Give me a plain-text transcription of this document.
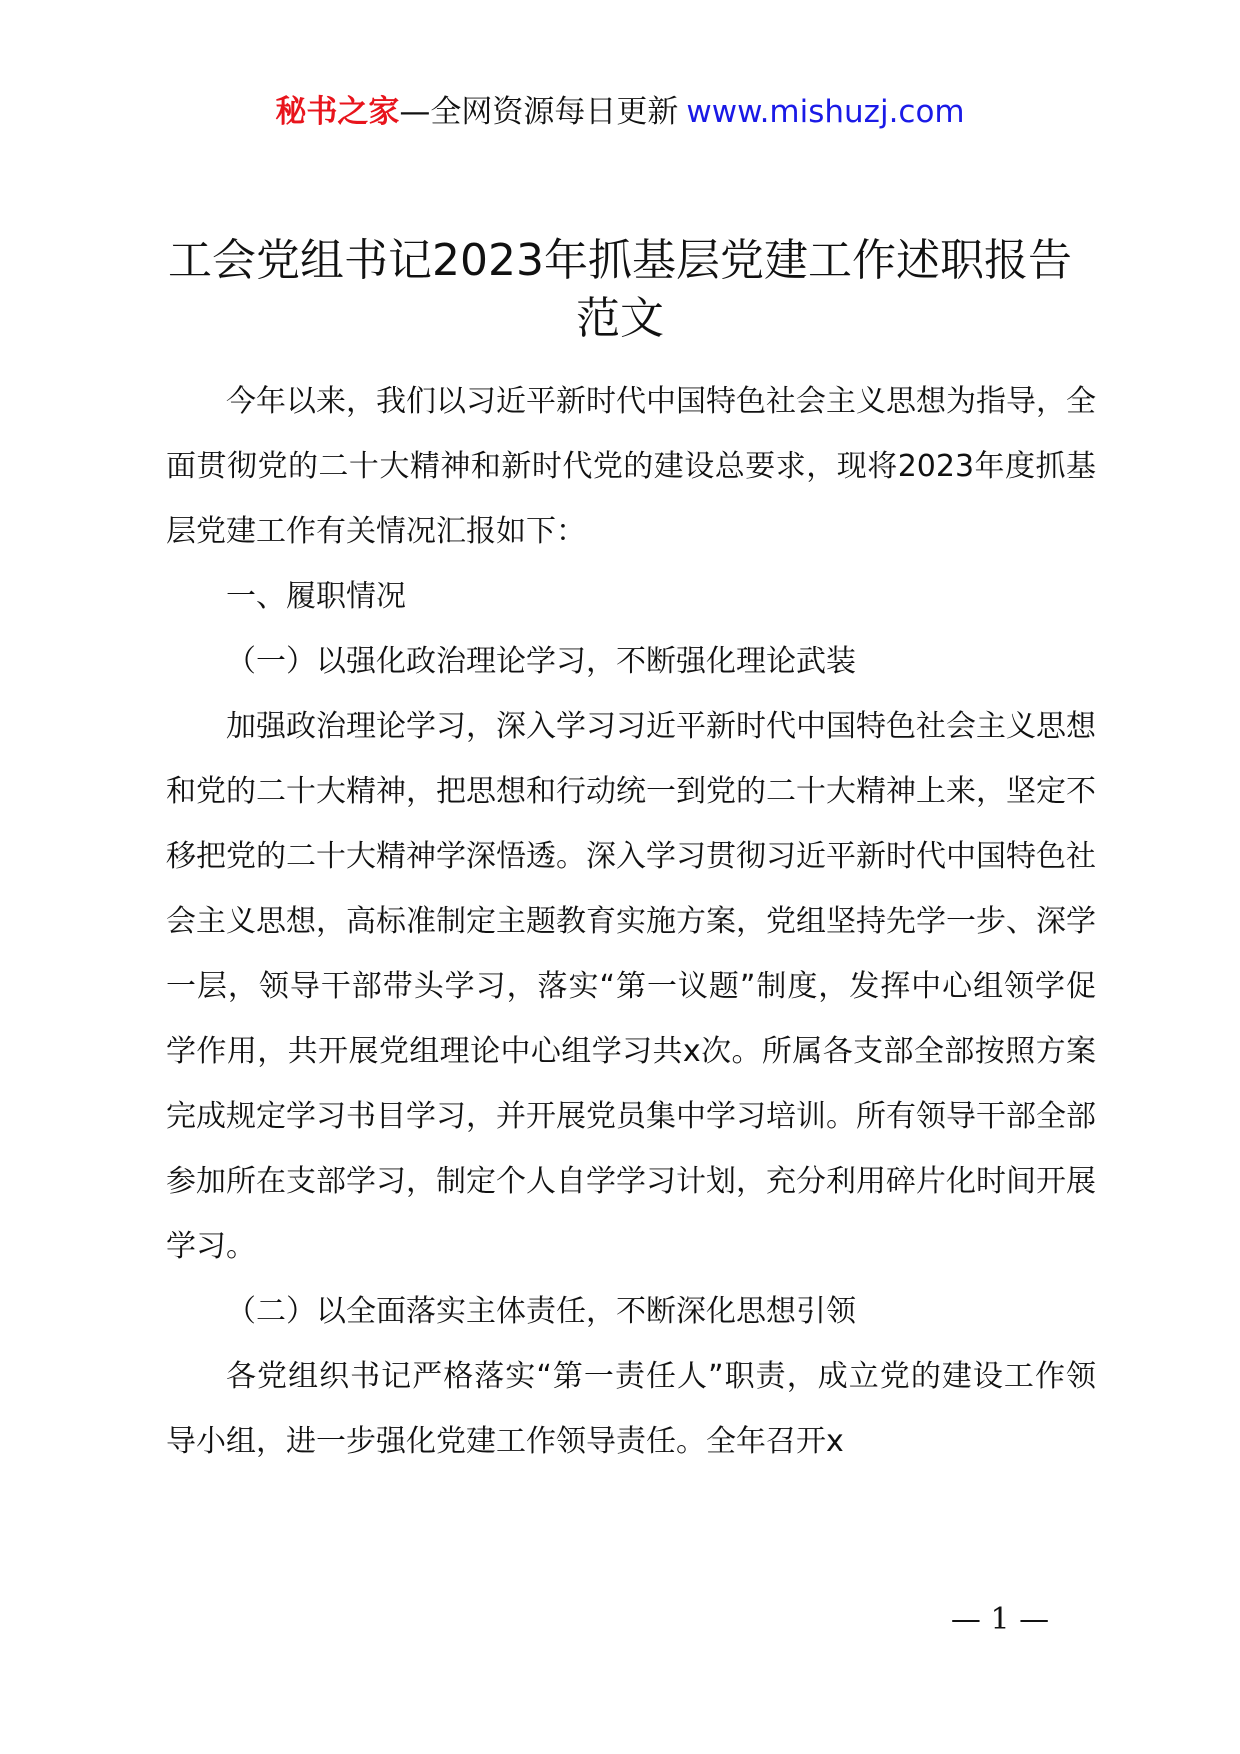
秘书之家—全网资源每日更新 www.mishuzj.com
工会党组书记2023年抓基层党建工作述职报告范文

今年以来，我们以习近平新时代中国特色社会主义思想为指导，全面贯彻党的二十大精神和新时代党的建设总要求，现将2023年度抓基层党建工作有关情况汇报如下：

一、履职情况

（一）以强化政治理论学习，不断强化理论武装

加强政治理论学习，深入学习习近平新时代中国特色社会主义思想和党的二十大精神，把思想和行动统一到党的二十大精神上来，坚定不移把党的二十大精神学深悟透。深入学习贯彻习近平新时代中国特色社会主义思想，高标准制定主题教育实施方案，党组坚持先学一步、深学一层，领导干部带头学习，落实“第一议题”制度，发挥中心组领学促学作用，共开展党组理论中心组学习共x次。所属各支部全部按照方案完成规定学习书目学习，并开展党员集中学习培训。所有领导干部全部参加所在支部学习，制定个人自学学习计划，充分利用碎片化时间开展学习。

（二）以全面落实主体责任，不断深化思想引领

各党组织书记严格落实“第一责任人”职责，成立党的建设工作领导小组，进一步强化党建工作领导责任。全年召开x

— 1 —
